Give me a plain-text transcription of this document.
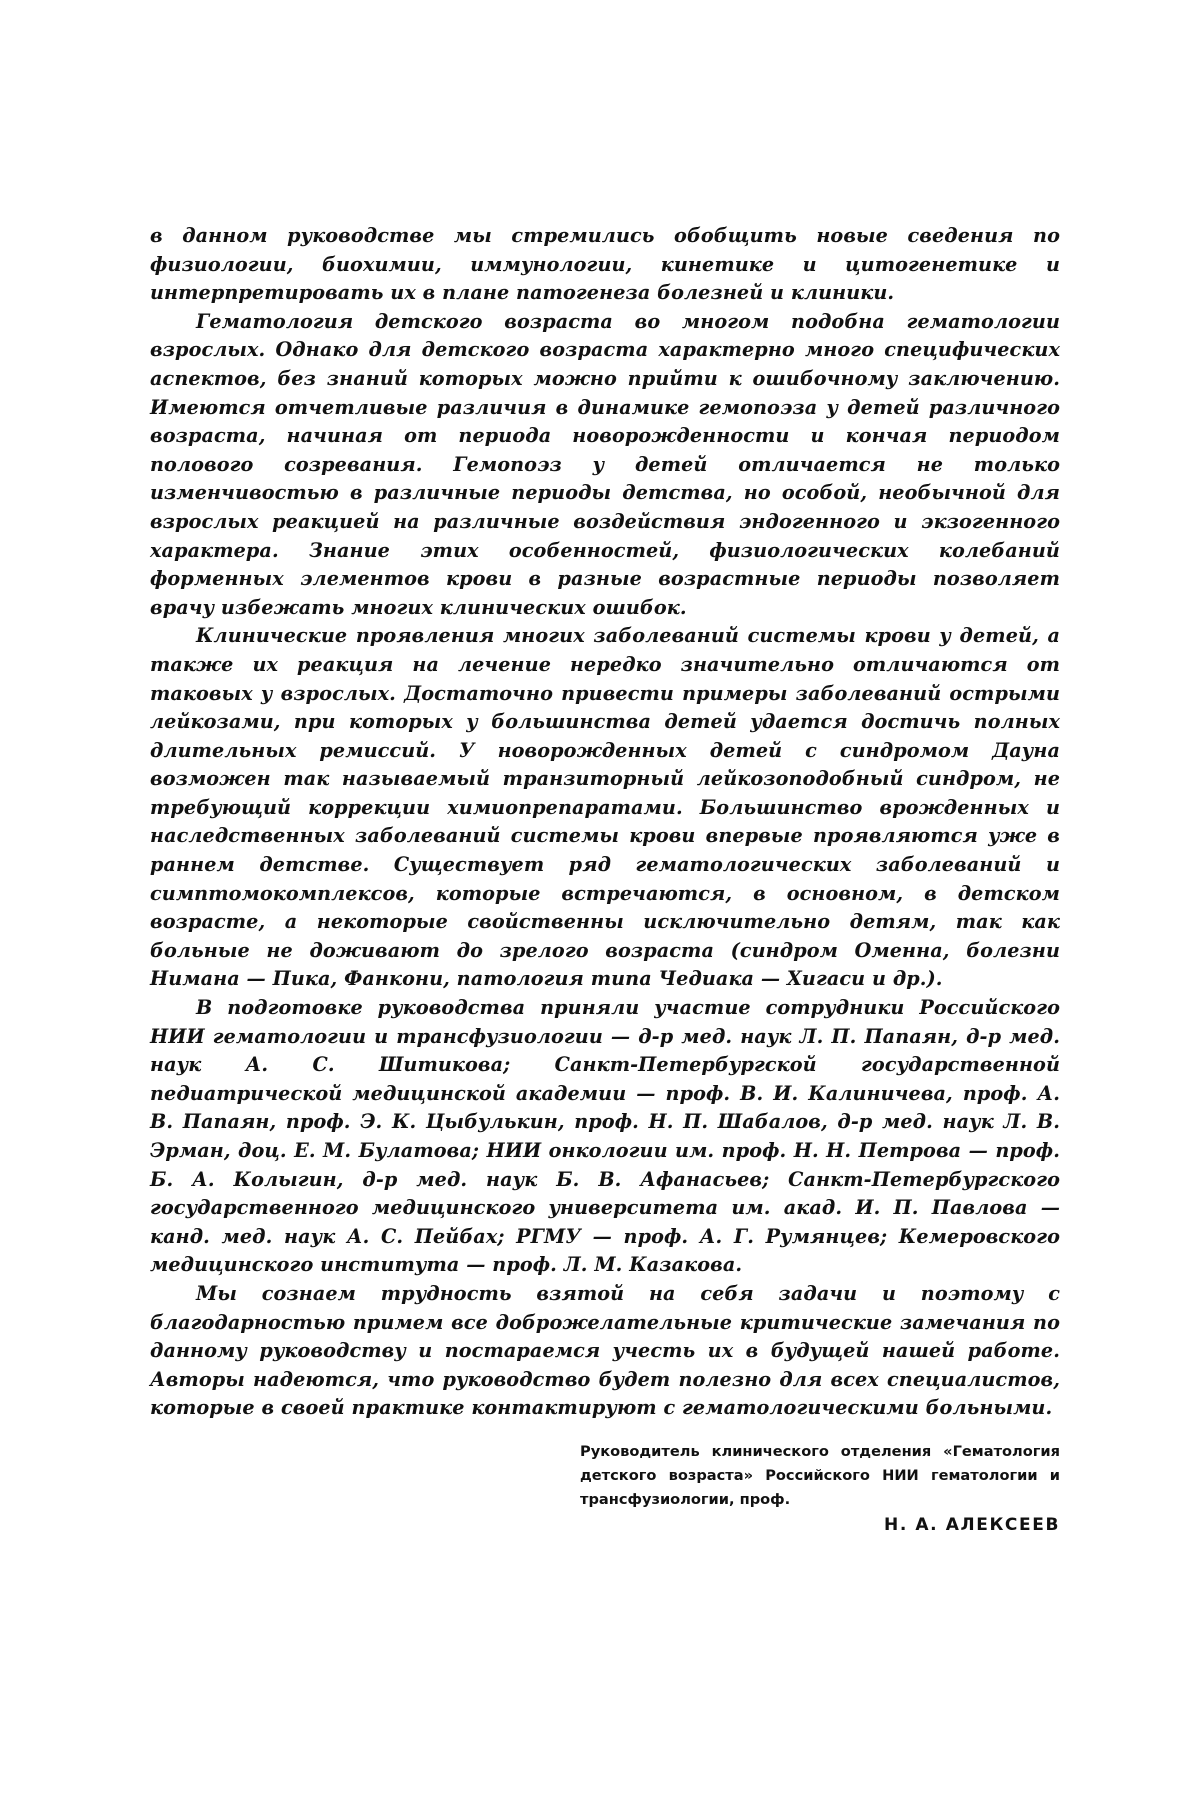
в данном руководстве мы стремились обобщить новые сведения по физиологии, биохимии, иммунологии, кинетике и цитогенетике и интерпретировать их в плане патогенеза болезней и клиники.

Гематология детского возраста во многом подобна гематологии взрослых. Однако для детского возраста характерно много специфических аспектов, без знаний которых можно прийти к ошибочному заключению. Имеются отчетливые различия в динамике гемопоэза у детей различного возраста, начиная от периода новорожденности и кончая периодом полового созревания. Гемопоэз у детей отличается не только изменчивостью в различные периоды детства, но особой, необычной для взрослых реакцией на различные воздействия эндогенного и экзогенного характера. Знание этих особенностей, физиологических колебаний форменных элементов крови в разные возрастные периоды позволяет врачу избежать многих клинических ошибок.

Клинические проявления многих заболеваний системы крови у детей, а также их реакция на лечение нередко значительно отличаются от таковых у взрослых. Достаточно привести примеры заболеваний острыми лейкозами, при которых у большинства детей удается достичь полных длительных ремиссий. У новорожденных детей с синдромом Дауна возможен так называемый транзиторный лейкозоподобный синдром, не требующий коррекции химиопрепаратами. Большинство врожденных и наследственных заболеваний системы крови впервые проявляются уже в раннем детстве. Существует ряд гематологических заболеваний и симптомокомплексов, которые встречаются, в основном, в детском возрасте, а некоторые свойственны исключительно детям, так как больные не доживают до зрелого возраста (синдром Оменна, болезни Нимана — Пика, Фанкони, патология типа Чедиака — Хигаси и др.).

В подготовке руководства приняли участие сотрудники Российского НИИ гематологии и трансфузиологии — д-р мед. наук Л. П. Папаян, д-р мед. наук А. С. Шитикова; Санкт-Петербургской государственной педиатрической медицинской академии — проф. В. И. Калиничева, проф. А. В. Папаян, проф. Э. К. Цыбулькин, проф. Н. П. Шабалов, д-р мед. наук Л. В. Эрман, доц. Е. М. Булатова; НИИ онкологии им. проф. Н. Н. Петрова — проф. Б. А. Колыгин, д-р мед. наук Б. В. Афанасьев; Санкт-Петербургского государственного медицинского университета им. акад. И. П. Павлова — канд. мед. наук А. С. Пейбах; РГМУ — проф. А. Г. Румянцев; Кемеровского медицинского института — проф. Л. М. Казакова.

Мы сознаем трудность взятой на себя задачи и поэтому с благодарностью примем все доброжелательные критические замечания по данному руководству и постараемся учесть их в будущей нашей работе. Авторы надеются, что руководство будет полезно для всех специалистов, которые в своей практике контактируют с гематологическими больными.

Руководитель клинического отделения «Гематология детского возраста» Российского НИИ гематологии и трансфузиологии, проф.

Н. А. АЛЕКСЕЕВ
